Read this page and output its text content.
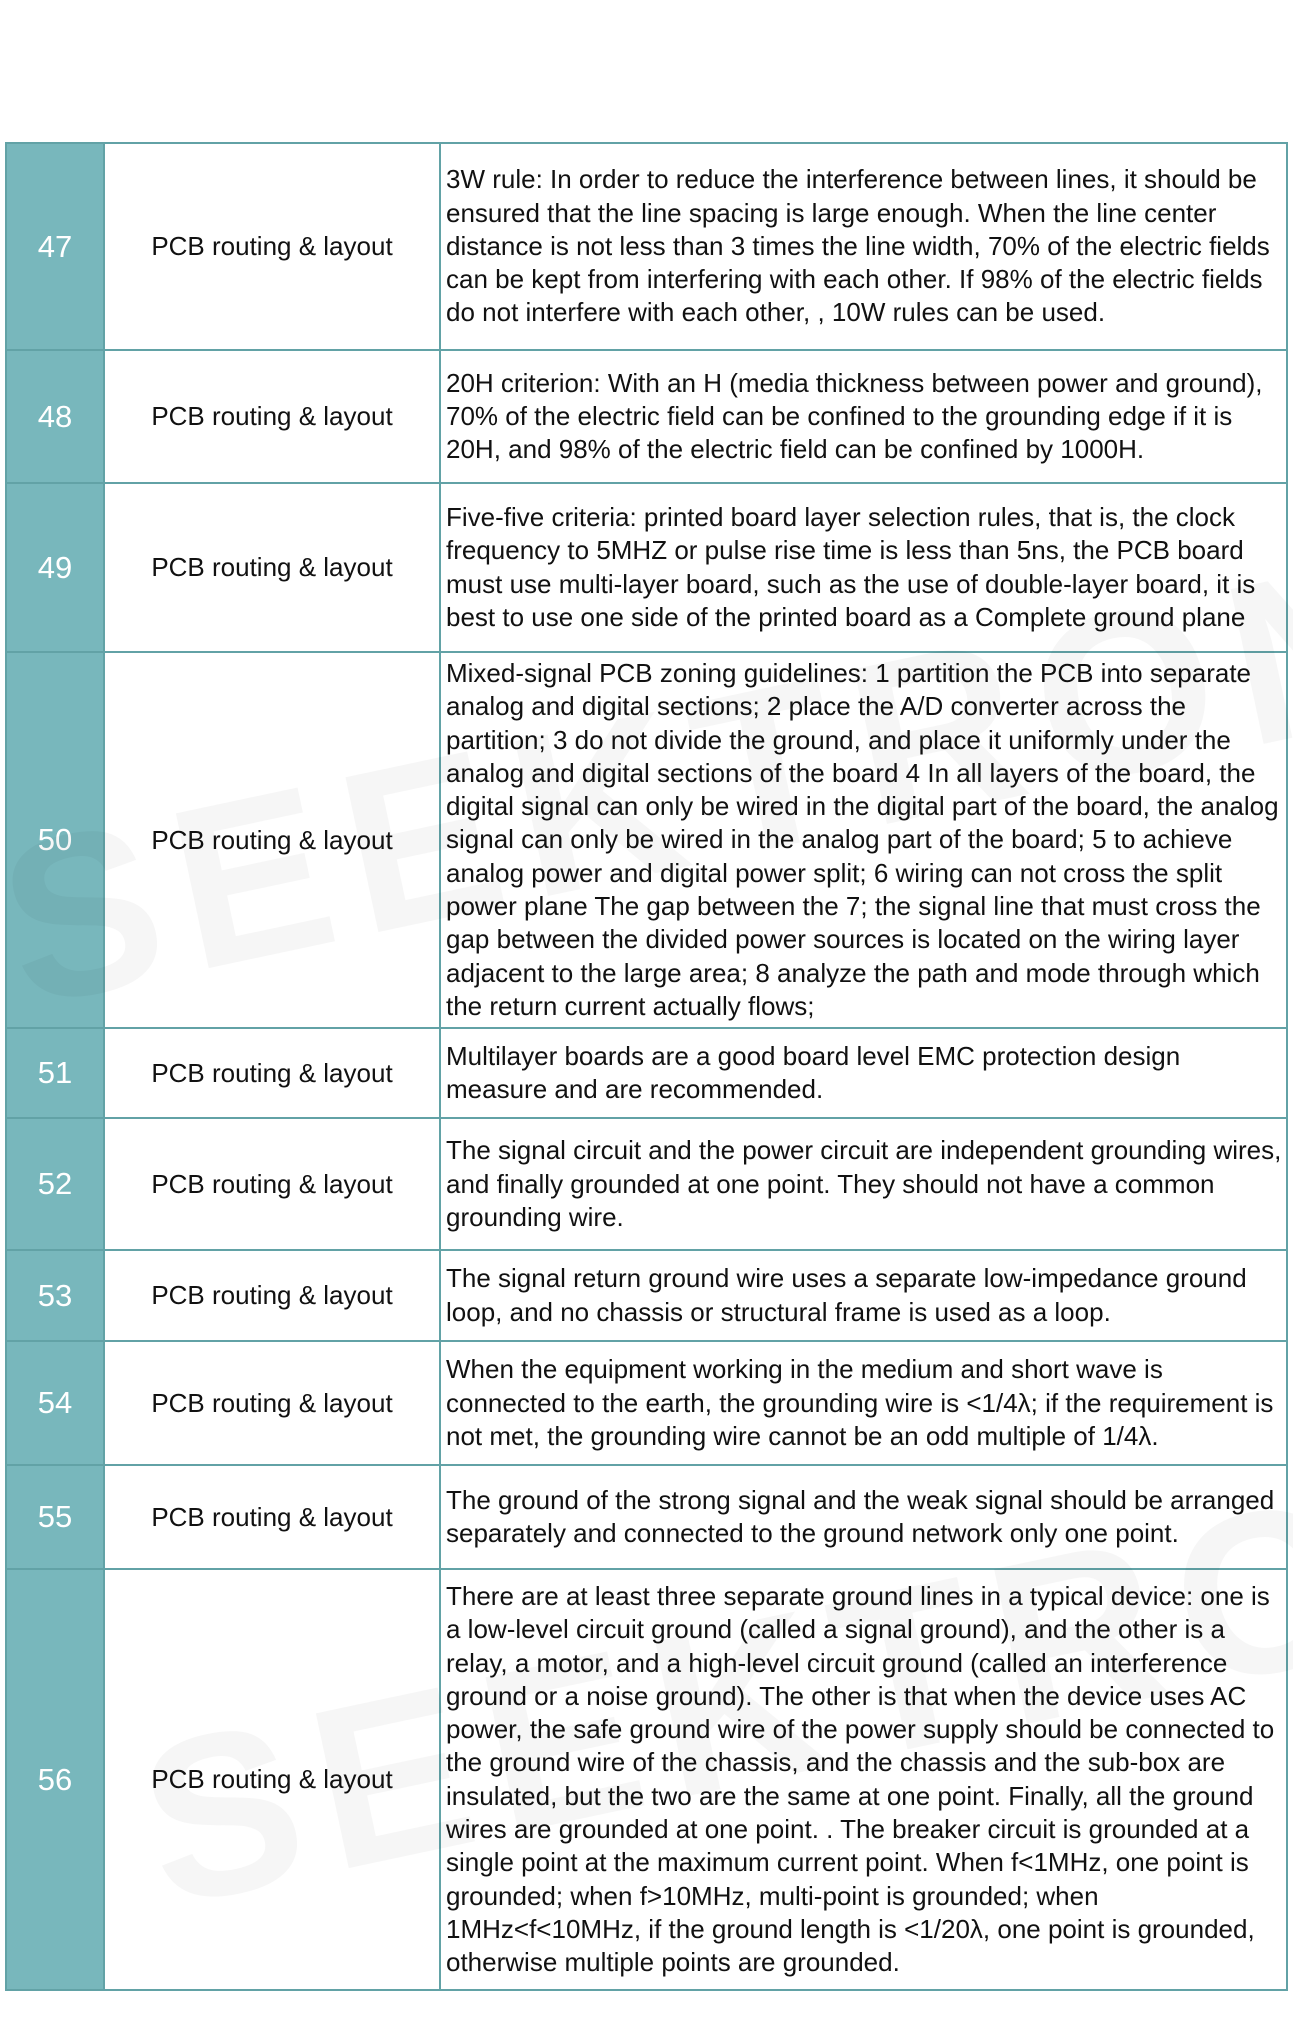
47	PCB routing & layout	3W rule: In order to reduce the interference between lines, it should be ensured that the line spacing is large enough. When the line center distance is not less than 3 times the line width, 70% of the electric fields can be kept from interfering with each other. If 98% of the electric fields do not interfere with each other, , 10W rules can be used.
48	PCB routing & layout	20H criterion: With an H (media thickness between power and ground), 70% of the electric field can be confined to the grounding edge if it is 20H, and 98% of the electric field can be confined by 1000H.
49	PCB routing & layout	Five-five criteria: printed board layer selection rules, that is, the clock frequency to 5MHZ or pulse rise time is less than 5ns, the PCB board must use multi-layer board, such as the use of double-layer board, it is best to use one side of the printed board as a Complete ground plane
50	PCB routing & layout	Mixed-signal PCB zoning guidelines: 1 partition the PCB into separate analog and digital sections; 2 place the A/D converter across the partition; 3 do not divide the ground, and place it uniformly under the analog and digital sections of the board 4 In all layers of the board, the digital signal can only be wired in the digital part of the board, the analog signal can only be wired in the analog part of the board; 5 to achieve analog power and digital power split; 6 wiring can not cross the split power plane The gap between the 7; the signal line that must cross the gap between the divided power sources is located on the wiring layer adjacent to the large area; 8 analyze the path and mode through which the return current actually flows;
51	PCB routing & layout	Multilayer boards are a good board level EMC protection design measure and are recommended.
52	PCB routing & layout	The signal circuit and the power circuit are independent grounding wires, and finally grounded at one point. They should not have a common grounding wire.
53	PCB routing & layout	The signal return ground wire uses a separate low-impedance ground loop, and no chassis or structural frame is used as a loop.
54	PCB routing & layout	When the equipment working in the medium and short wave is connected to the earth, the grounding wire is <1/4λ; if the requirement is not met, the grounding wire cannot be an odd multiple of 1/4λ.
55	PCB routing & layout	The ground of the strong signal and the weak signal should be arranged separately and connected to the ground network only one point.
56	PCB routing & layout	There are at least three separate ground lines in a typical device: one is a low-level circuit ground (called a signal ground), and the other is a relay, a motor, and a high-level circuit ground (called an interference ground or a noise ground). The other is that when the device uses AC power, the safe ground wire of the power supply should be connected to the ground wire of the chassis, and the chassis and the sub-box are insulated, but the two are the same at one point. Finally, all the ground wires are grounded at one point. . The breaker circuit is grounded at a single point at the maximum current point. When f<1MHz, one point is grounded; when f>10MHz, multi-point is grounded; when 1MHz<f<10MHz, if the ground length is <1/20λ, one point is grounded, otherwise multiple points are grounded.
